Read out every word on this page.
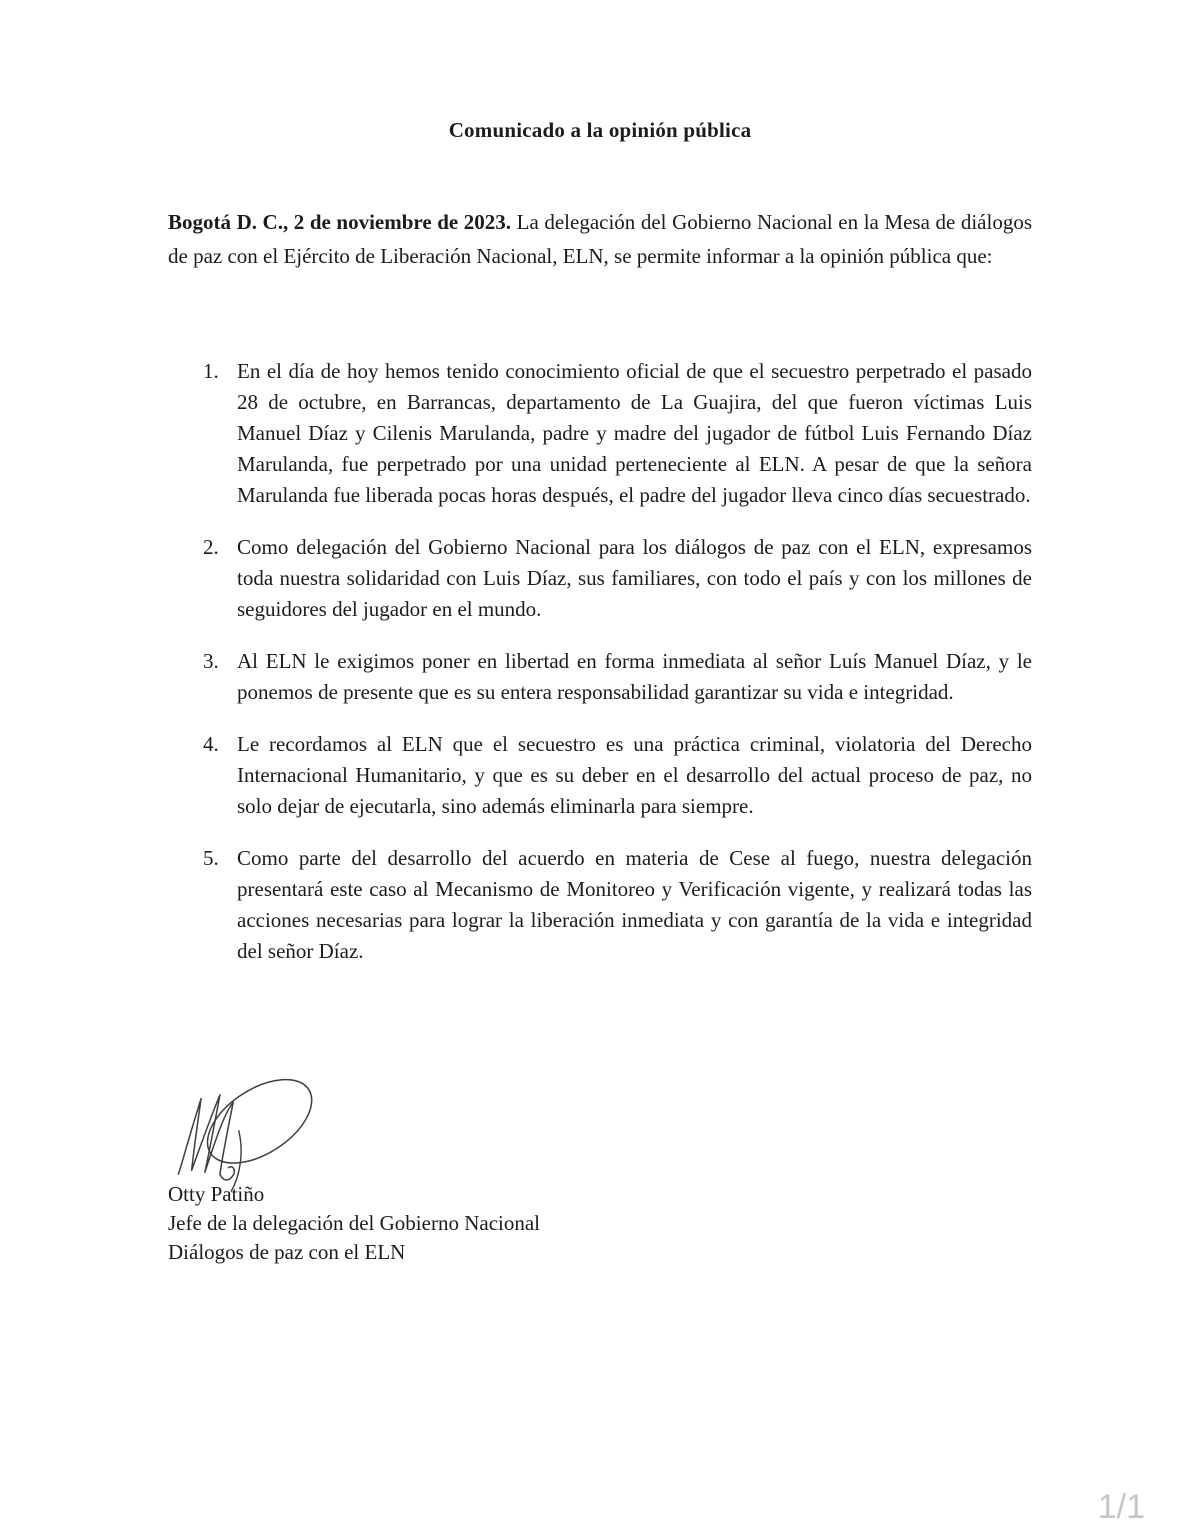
Comunicado a la opinión pública

Bogotá D. C., 2 de noviembre de 2023. La delegación del Gobierno Nacional en la Mesa de diálogos de paz con el Ejército de Liberación Nacional, ELN, se permite informar a la opinión pública que:

1. En el día de hoy hemos tenido conocimiento oficial de que el secuestro perpetrado el pasado 28 de octubre, en Barrancas, departamento de La Guajira, del que fueron víctimas Luis Manuel Díaz y Cilenis Marulanda, padre y madre del jugador de fútbol Luis Fernando Díaz Marulanda, fue perpetrado por una unidad perteneciente al ELN. A pesar de que la señora Marulanda fue liberada pocas horas después, el padre del jugador lleva cinco días secuestrado.
2. Como delegación del Gobierno Nacional para los diálogos de paz con el ELN, expresamos toda nuestra solidaridad con Luis Díaz, sus familiares, con todo el país y con los millones de seguidores del jugador en el mundo.
3. Al ELN le exigimos poner en libertad en forma inmediata al señor Luís Manuel Díaz, y le ponemos de presente que es su entera responsabilidad garantizar su vida e integridad.
4. Le recordamos al ELN que el secuestro es una práctica criminal, violatoria del Derecho Internacional Humanitario, y que es su deber en el desarrollo del actual proceso de paz, no solo dejar de ejecutarla, sino además eliminarla para siempre.
5. Como parte del desarrollo del acuerdo en materia de Cese al fuego, nuestra delegación presentará este caso al Mecanismo de Monitoreo y Verificación vigente, y realizará todas las acciones necesarias para lograr la liberación inmediata y con garantía de la vida e integridad del señor Díaz.
Otty Patiño
Jefe de la delegación del Gobierno Nacional
Diálogos de paz con el ELN
1/1
